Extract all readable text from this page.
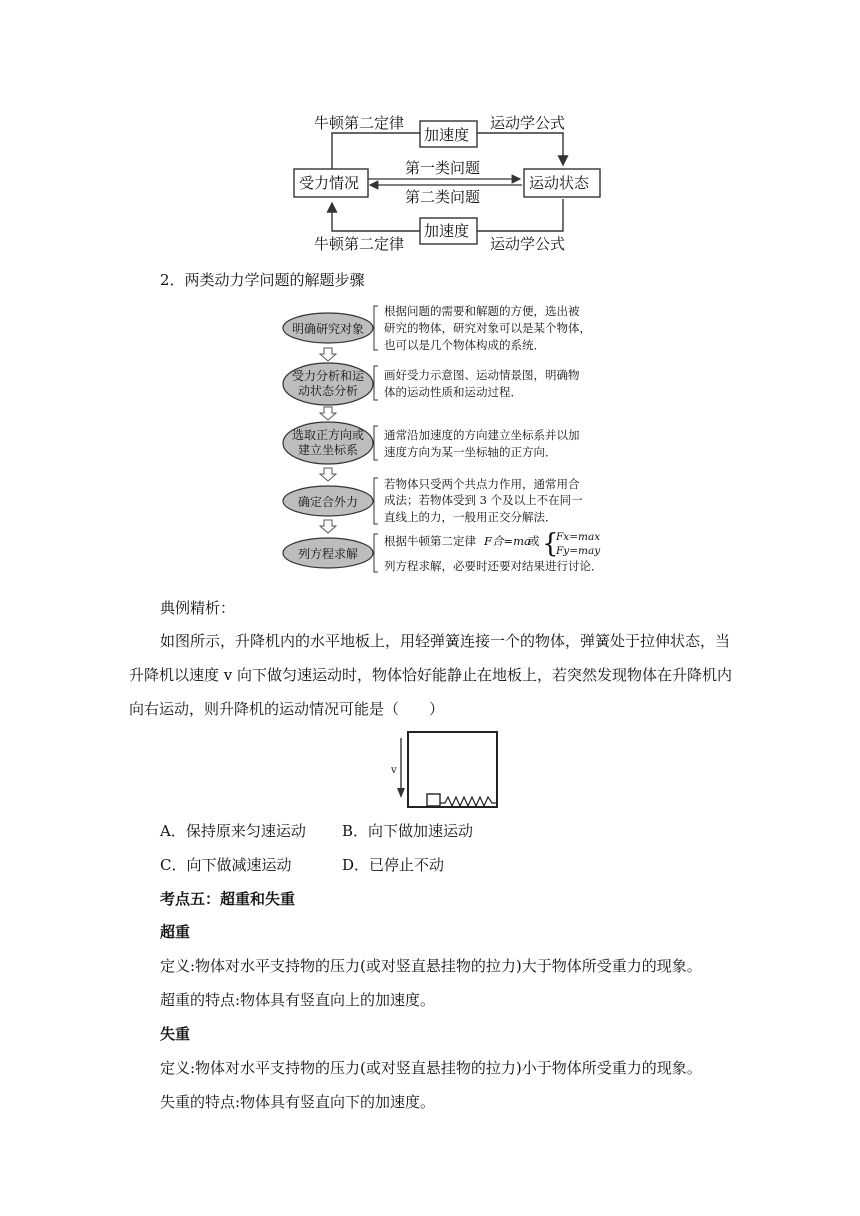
牛顿第二定律
加速度
运动学公式
受力情况	运动状态
第一类问题
第二类问题
加速度
牛顿第二定律	运动学公式
2．两类动力学问题的解题步骤
明确研究对象
根据问题的需要和解题的方便，选出被
研究的物体，研究对象可以是某个物体，
也可以是几个物体构成的系统．
受力分析和运
动状态分析
画好受力示意图、运动情景图，明确物
体的运动性质和运动过程．
选取正方向或
建立坐标系
通常沿加速度的方向建立坐标系并以加
速度方向为某一坐标轴的正方向．
确定合外力
若物体只受两个共点力作用，通常用合
成法；若物体受到 3 个及以上不在同一
直线上的力，一般用正交分解法．
列方程求解
根据牛顿第二定律 F合=ma
或 {
Fx=max
Fy=may
列方程求解，必要时还要对结果进行讨论．
典例精析：
如图所示，升降机内的水平地板上，用轻弹簧连接一个的物体，弹簧处于拉伸状态，当
升降机以速度 v 向下做匀速运动时，物体恰好能静止在地板上，若突然发现物体在升降机内
向右运动，则升降机的运动情况可能是（　　）
v
A．保持原来匀速运动 B．向下做加速运动
C．向下做减速运动	D．已停止不动
考点五：超重和失重
超重
定义:物体对水平支持物的压力(或对竖直悬挂物的拉力)大于物体所受重力的现象。
超重的特点:物体具有竖直向上的加速度。
失重
定义:物体对水平支持物的压力(或对竖直悬挂物的拉力)小于物体所受重力的现象。
失重的特点:物体具有竖直向下的加速度。
